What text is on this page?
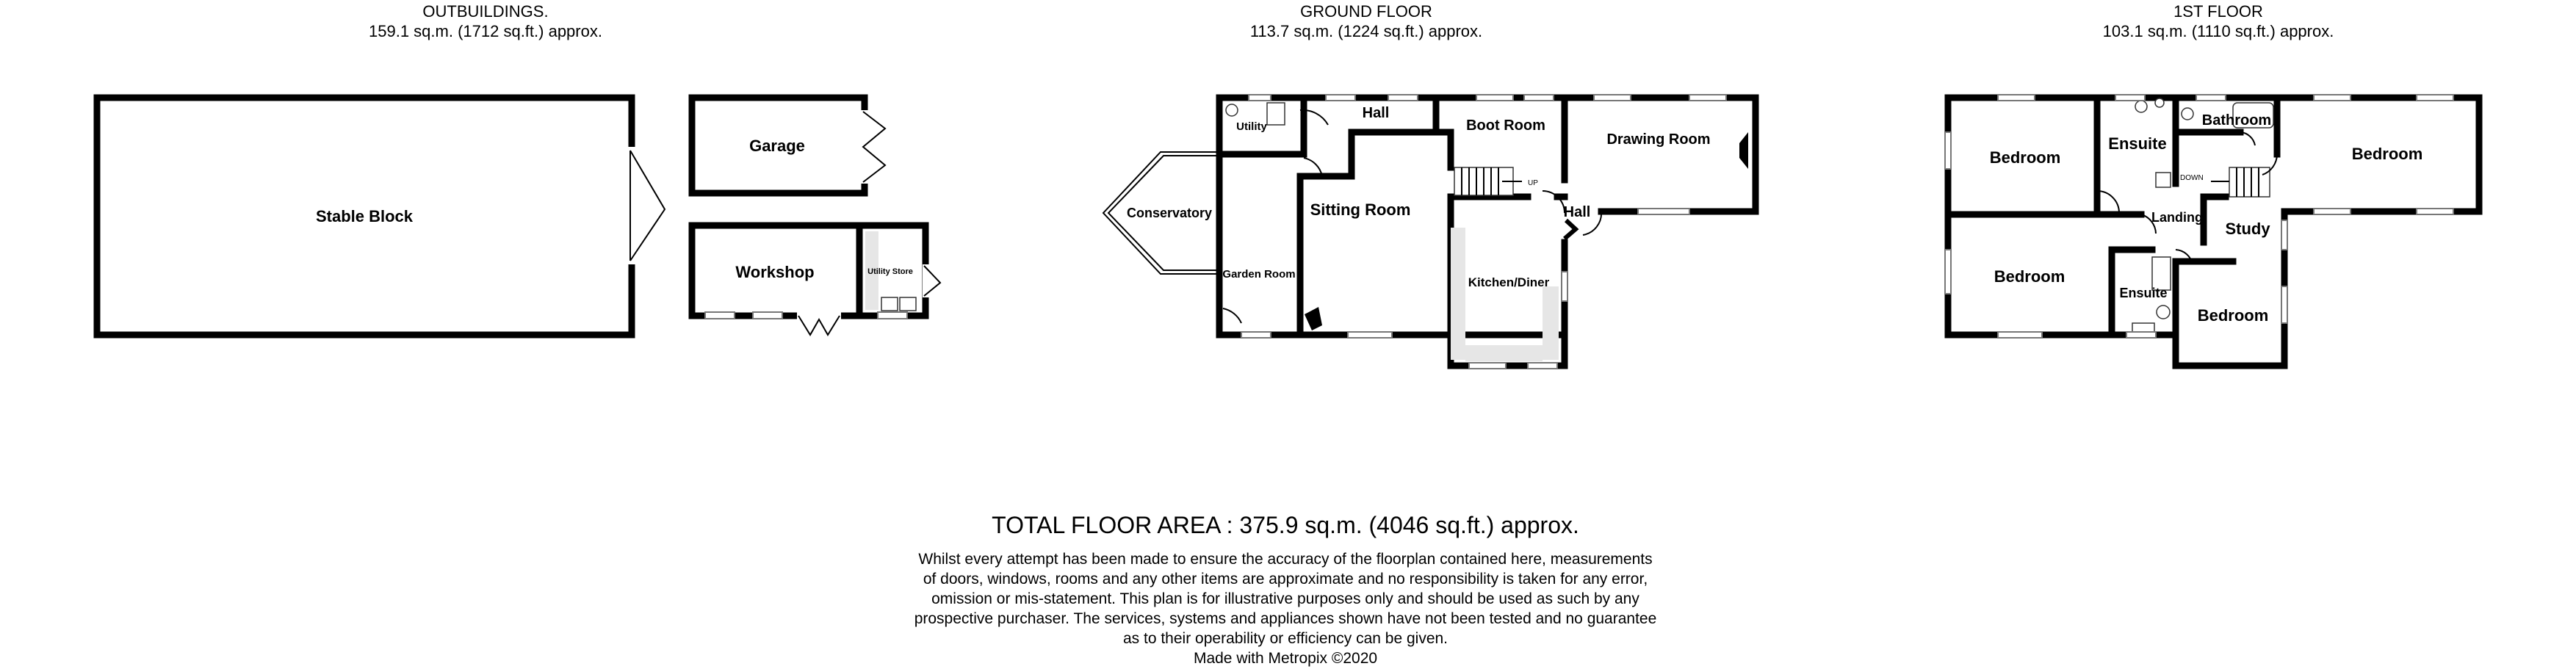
OUTBUILDINGS.
159.1 sq.m. (1712 sq.ft.) approx.
GROUND FLOOR
113.7 sq.m. (1224 sq.ft.) approx.
1ST FLOOR
103.1 sq.m. (1110 sq.ft.) approx.
Stable Block
Garage
Workshop	Utility Store
UP
Utility
Hall
Boot Room
Drawing Room
Conservatory	Sitting Room	Hall
Garden Room
Kitchen/Diner
DOWN
Bedroom
Ensuite
Bathroom
Bedroom
Landing
Study
Bedroom
Ensuite
Bedroom
TOTAL FLOOR AREA : 375.9 sq.m. (4046 sq.ft.) approx.
Whilst every attempt has been made to ensure the accuracy of the floorplan contained here, measurements
of doors, windows, rooms and any other items are approximate and no responsibility is taken for any error,
omission or mis-statement. This plan is for illustrative purposes only and should be used as such by any
prospective purchaser. The services, systems and appliances shown have not been tested and no guarantee
as to their operability or efficiency can be given.
Made with Metropix ©2020
